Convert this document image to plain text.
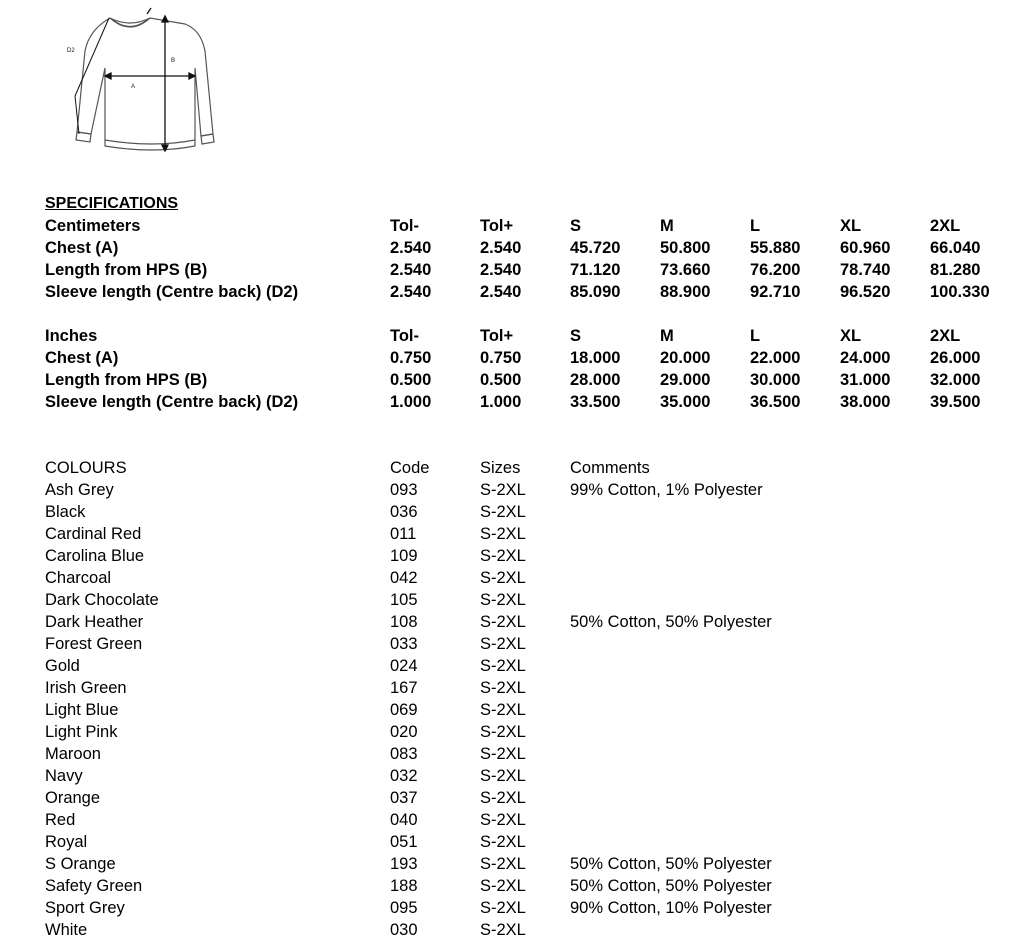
D2
B
A
SPECIFICATIONS
Centimeters	Tol-	Tol+	S	M	L	XL	2XL
Chest (A)	2.540	2.540	45.720 50.800 55.880 60.960 66.040
Length from HPS (B)	2.540	2.540	71.120 73.660 76.200 78.740 81.280
Sleeve length (Centre back) (D2)	2.540	2.540	85.090 88.900 92.710 96.520 100.330
Inches	Tol-	Tol+	S	M	L	XL	2XL
Chest (A)	0.750	0.750	18.000 20.000 22.000 24.000 26.000
Length from HPS (B)	0.500	0.500	28.000 29.000 30.000 31.000 32.000
Sleeve length (Centre back) (D2)	1.000	1.000	33.500 35.000 36.500 38.000 39.500
COLOURS	Code	Sizes	Comments
Ash Grey	093	S-2XL	99% Cotton, 1% Polyester
Black	036	S-2XL
Cardinal Red	011	S-2XL
Carolina Blue	109	S-2XL
Charcoal	042	S-2XL
Dark Chocolate	105	S-2XL
Dark Heather	108	S-2XL	50% Cotton, 50% Polyester
Forest Green	033	S-2XL
Gold	024	S-2XL
Irish Green	167	S-2XL
Light Blue	069	S-2XL
Light Pink	020	S-2XL
Maroon	083	S-2XL
Navy	032	S-2XL
Orange	037	S-2XL
Red	040	S-2XL
Royal	051	S-2XL
S Orange	193	S-2XL	50% Cotton, 50% Polyester
Safety Green	188	S-2XL	50% Cotton, 50% Polyester
Sport Grey	095	S-2XL	90% Cotton, 10% Polyester
White	030	S-2XL
